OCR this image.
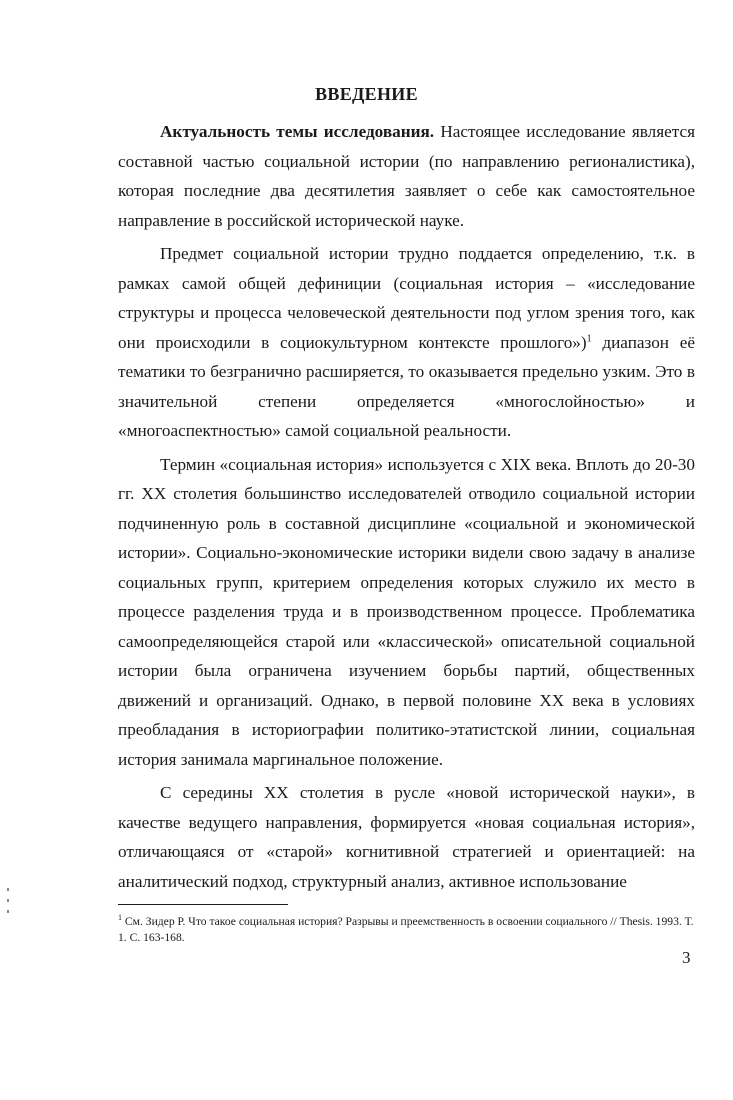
ВВЕДЕНИЕ

Актуальность темы исследования. Настоящее исследование является составной частью социальной истории (по направлению регионалистика), которая последние два десятилетия заявляет о себе как самостоятельное направление в российской исторической науке.

Предмет социальной истории трудно поддается определению, т.к. в рамках самой общей дефиниции (социальная история – «исследование структуры и процесса человеческой деятельности под углом зрения того, как они происходили в социокультурном контексте прошлого»)$^1$ диапазон её тематики то безгранично расширяется, то оказывается предельно узким. Это в значительной степени определяется «многослойностью» и «многоаспектностью» самой социальной реальности.

Термин «социальная история» используется с XIX века. Вплоть до 20-30 гг. XX столетия большинство исследователей отводило социальной истории подчиненную роль в составной дисциплине «социальной и экономической истории». Социально-экономические историки видели свою задачу в анализе социальных групп, критерием определения которых служило их место в процессе разделения труда и в производственном процессе. Проблематика самоопределяющейся старой или «классической» описательной социальной истории была ограничена изучением борьбы партий, общественных движений и организаций. Однако, в первой половине XX века в условиях преобладания в историографии политико-этатистской линии, социальная история занимала маргинальное положение.

С середины XX столетия в русле «новой исторической науки», в качестве ведущего направления, формируется «новая социальная история», отличающаяся от «старой» когнитивной стратегией и ориентацией: на аналитический подход, структурный анализ, активное использование

$^1$ См. Зидер Р. Что такое социальная история? Разрывы и преемственность в освоении социального // Thesis. 1993. Т. 1. С. 163-168.
3
